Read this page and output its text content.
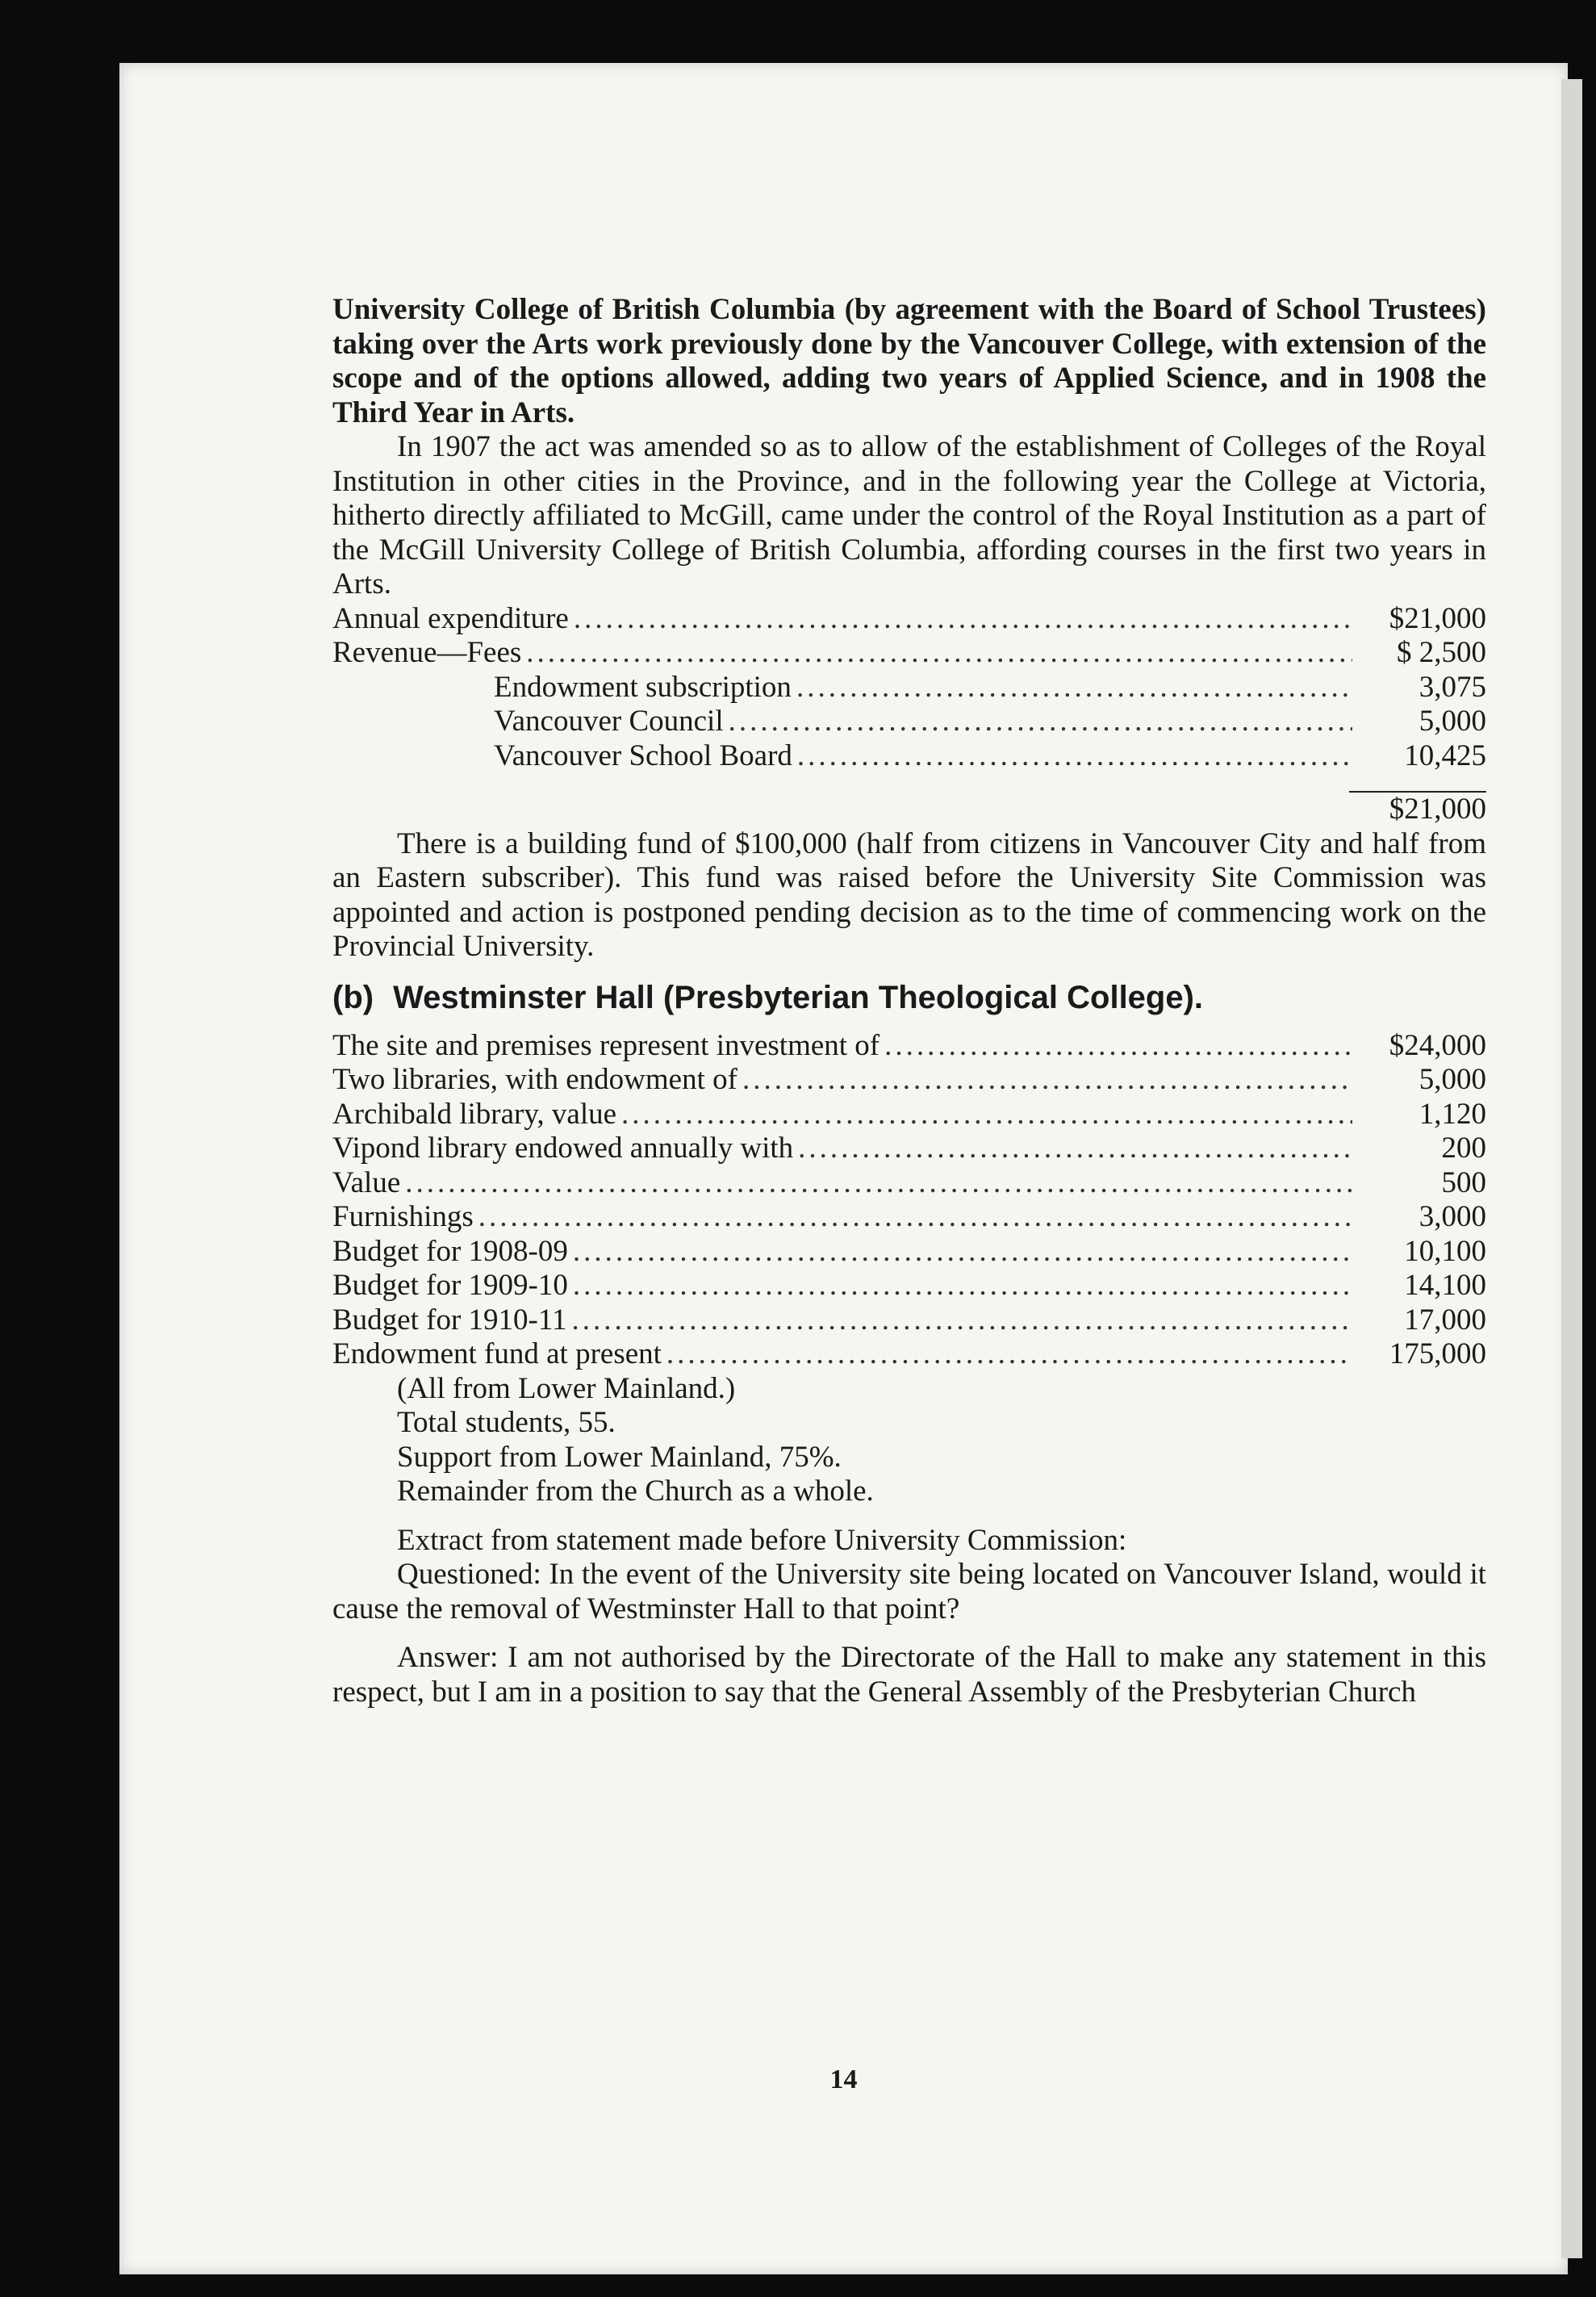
University College of British Columbia (by agreement with the Board of School Trustees) taking over the Arts work previously done by the Vancouver College, with extension of the scope and of the options allowed, adding two years of Applied Science, and in 1908 the Third Year in Arts.

In 1907 the act was amended so as to allow of the establishment of Colleges of the Royal Institution in other cities in the Province, and in the following year the College at Victoria, hitherto directly affiliated to McGill, came under the control of the Royal Institution as a part of the McGill University College of British Columbia, affording courses in the first two years in Arts.

Annual expenditure .....	$21,000
Revenue—Fees .....	$ 2,500
Endowment subscription .....	3,075
Vancouver Council .....	5,000
Vancouver School Board .....	10,425
$21,000

There is a building fund of $100,000 (half from citizens in Vancouver City and half from an Eastern subscriber). This fund was raised before the University Site Commission was appointed and action is postponed pending decision as to the time of commencing work on the Provincial University.

(b) Westminster Hall (Presbyterian Theological College).
The site and premises represent investment of .....	$24,000
Two libraries, with endowment of .....	5,000
Archibald library, value .....	1,120
Vipond library endowed annually with .....	200
Value .....	500
Furnishings .....	3,000
Budget for 1908-09 .....	10,100
Budget for 1909-10 .....	14,100
Budget for 1910-11 .....	17,000
Endowment fund at present .....	175,000
(All from Lower Mainland.)
Total students, 55.
Support from Lower Mainland, 75%.
Remainder from the Church as a whole.

Extract from statement made before University Commission:

Questioned: In the event of the University site being located on Vancouver Island, would it cause the removal of Westminster Hall to that point?

Answer: I am not authorised by the Directorate of the Hall to make any statement in this respect, but I am in a position to say that the General Assembly of the Presbyterian Church

14
